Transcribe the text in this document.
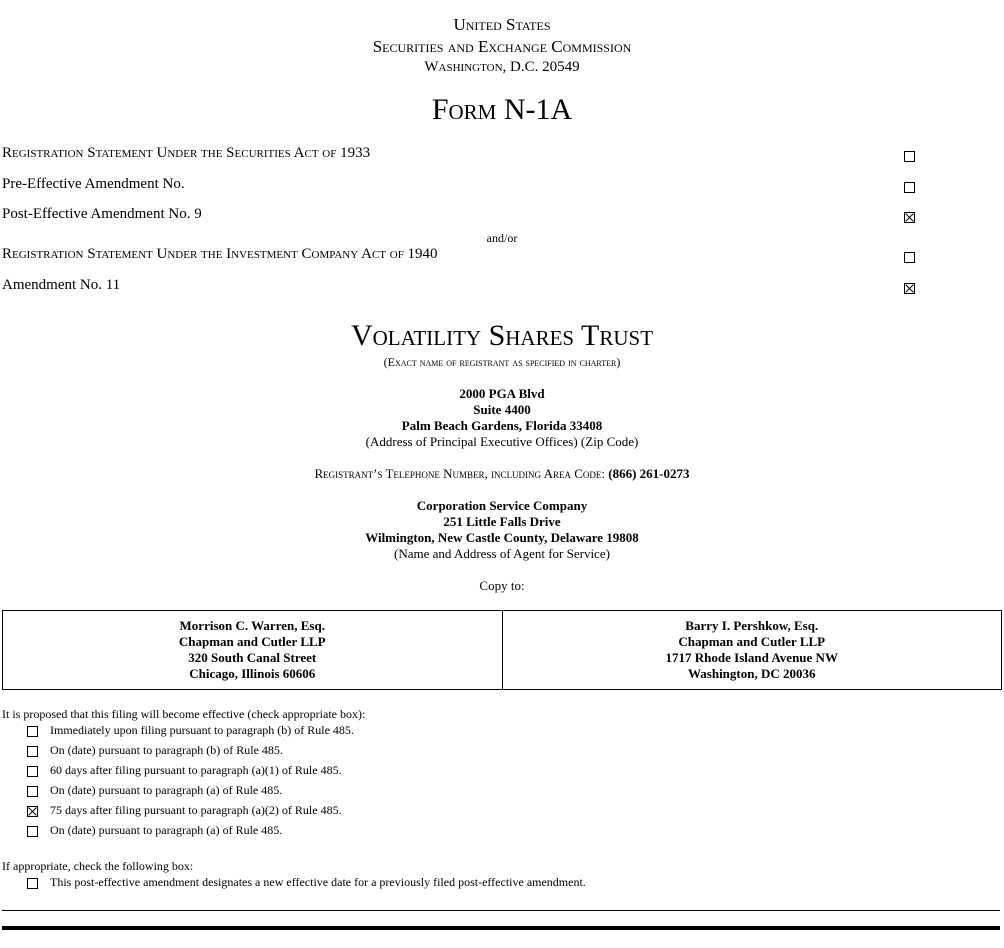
United States
Securities and Exchange Commission
Washington, D.C. 20549
Form N-1A
Registration Statement Under the Securities Act of 1933
Pre-Effective Amendment No.
Post-Effective Amendment No. 9
and/or
Registration Statement Under the Investment Company Act of 1940
Amendment No. 11
Volatility Shares Trust
(Exact name of registrant as specified in charter)
2000 PGA Blvd
Suite 4400
Palm Beach Gardens, Florida 33408
(Address of Principal Executive Offices) (Zip Code)
Registrant’s Telephone Number, including Area Code: (866) 261-0273
Corporation Service Company
251 Little Falls Drive
Wilmington, New Castle County, Delaware 19808
(Name and Address of Agent for Service)
Copy to:
Morrison C. Warren, Esq.
Chapman and Cutler LLP
320 South Canal Street
Chicago, Illinois 60606
Barry I. Pershkow, Esq.
Chapman and Cutler LLP
1717 Rhode Island Avenue NW
Washington, DC 20036
It is proposed that this filing will become effective (check appropriate box):
Immediately upon filing pursuant to paragraph (b) of Rule 485.
On (date) pursuant to paragraph (b) of Rule 485.
60 days after filing pursuant to paragraph (a)(1) of Rule 485.
On (date) pursuant to paragraph (a) of Rule 485.
75 days after filing pursuant to paragraph (a)(2) of Rule 485.
On (date) pursuant to paragraph (a) of Rule 485.
If appropriate, check the following box:
This post-effective amendment designates a new effective date for a previously filed post-effective amendment.
